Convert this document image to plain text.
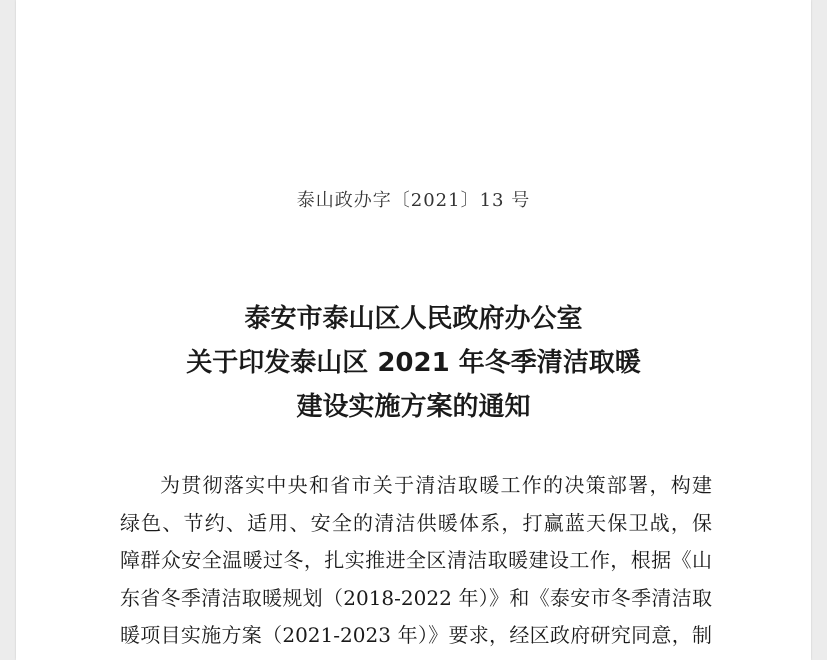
泰山政办字〔2021〕13 号
泰安市泰山区人民政府办公室
关于印发泰山区 2021 年冬季清洁取暖
建设实施方案的通知
为贯彻落实中央和省市关于清洁取暖工作的决策部署，构建
绿色、节约、适用、安全的清洁供暖体系，打赢蓝天保卫战，保
障群众安全温暖过冬，扎实推进全区清洁取暖建设工作，根据《山
东省冬季清洁取暖规划（2018-2022 年）》和《泰安市冬季清洁取
暖项目实施方案（2021-2023 年）》要求，经区政府研究同意，制
